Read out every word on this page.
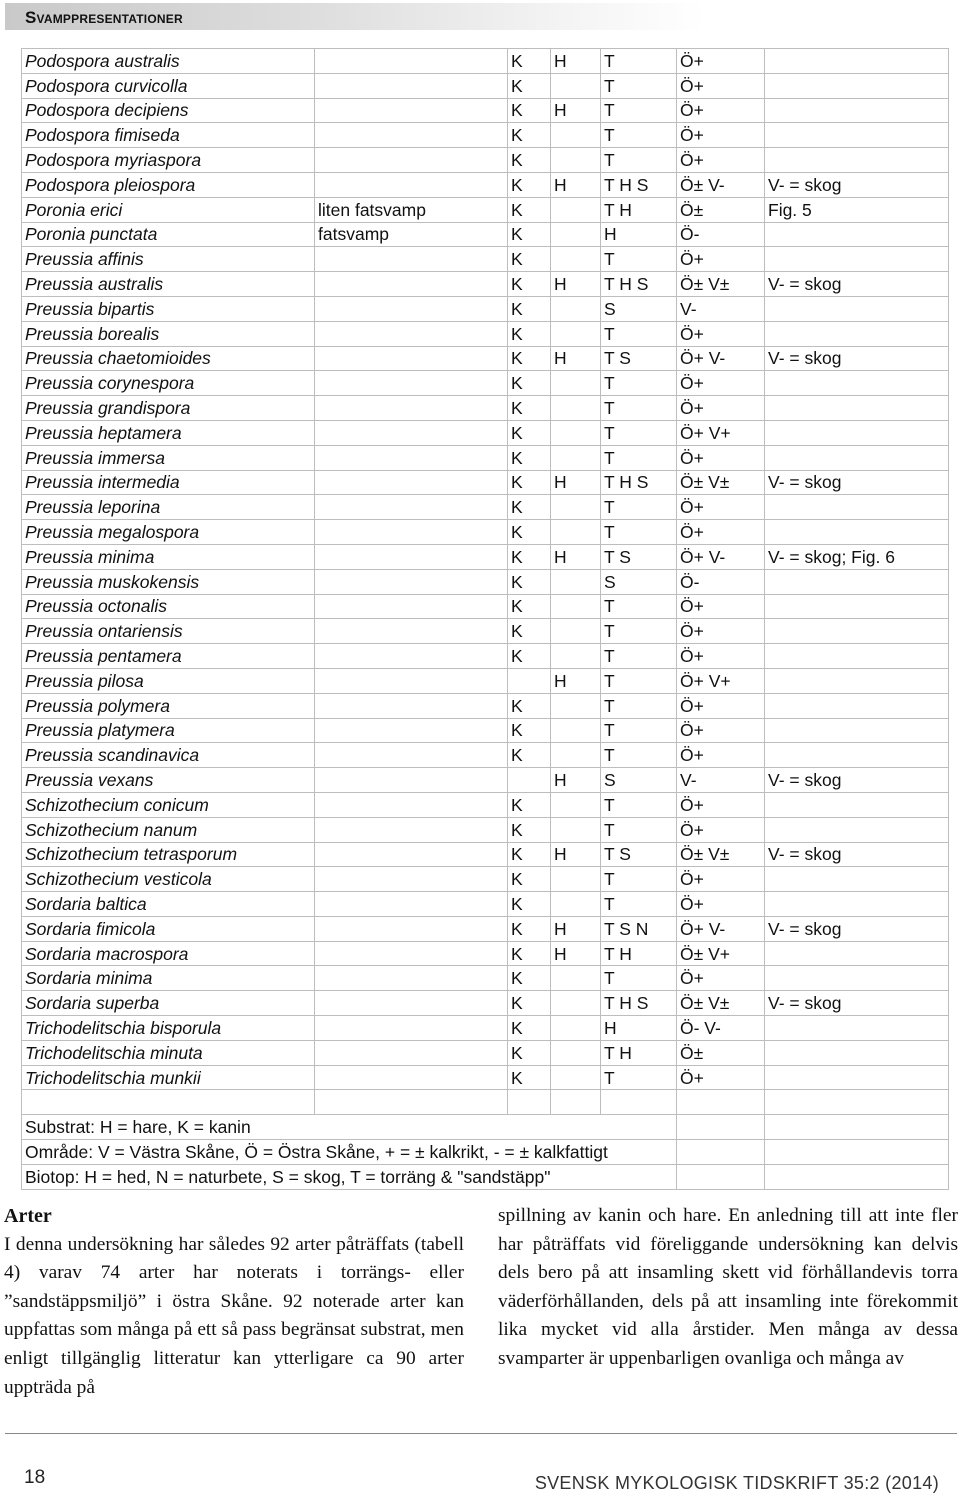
Svamppresentationer
Podospora australis		K	H	T	Ö+	
Podospora curvicolla		K		T	Ö+	
Podospora decipiens		K	H	T	Ö+	
Podospora fimiseda		K		T	Ö+	
Podospora myriaspora		K		T	Ö+	
Podospora pleiospora		K	H	T H S	Ö± V-	V- = skog
Poronia erici	liten fatsvamp	K		T H	Ö±	Fig. 5
Poronia punctata	fatsvamp	K		H	Ö-	
Preussia affinis		K		T	Ö+	
Preussia australis		K	H	T H S	Ö± V±	V- = skog
Preussia bipartis		K		S	V-	
Preussia borealis		K		T	Ö+	
Preussia chaetomioides		K	H	T S	Ö+ V-	V- = skog
Preussia corynespora		K		T	Ö+	
Preussia grandispora		K		T	Ö+	
Preussia heptamera		K		T	Ö+ V+	
Preussia immersa		K		T	Ö+	
Preussia intermedia		K	H	T H S	Ö± V±	V- = skog
Preussia leporina		K		T	Ö+	
Preussia megalospora		K		T	Ö+	
Preussia minima		K	H	T S	Ö+ V-	V- = skog; Fig. 6
Preussia muskokensis		K		S	Ö-	
Preussia octonalis		K		T	Ö+	
Preussia ontariensis		K		T	Ö+	
Preussia pentamera		K		T	Ö+	
Preussia pilosa			H	T	Ö+ V+	
Preussia polymera		K		T	Ö+	
Preussia platymera		K		T	Ö+	
Preussia scandinavica		K		T	Ö+	
Preussia vexans			H	S	V-	V- = skog
Schizothecium conicum		K		T	Ö+	
Schizothecium nanum		K		T	Ö+	
Schizothecium tetrasporum		K	H	T S	Ö± V±	V- = skog
Schizothecium vesticola		K		T	Ö+	
Sordaria baltica		K		T	Ö+	
Sordaria fimicola		K	H	T S N	Ö+ V-	V- = skog
Sordaria macrospora		K	H	T H	Ö± V+	
Sordaria minima		K		T	Ö+	
Sordaria superba		K		T H S	Ö± V±	V- = skog
Trichodelitschia bisporula		K		H	Ö- V-	
Trichodelitschia minuta		K		T H	Ö±	
Trichodelitschia munkii		K		T	Ö+	

Substrat: H = hare, K = kanin						
Område: V = Västra Skåne, Ö = Östra Skåne, + = ± kalkrikt, - = ± kalkfattigt						
Biotop: H = hed, N = naturbete, S = skog, T = torräng & "sandstäpp"						
Arter
I denna undersökning har således 92 arter påträffats (tabell 4) varav 74 arter har noterats i torrängs- eller ”sandstäppsmiljö” i östra Skåne. 92 noterade arter kan uppfattas som många på ett så pass begränsat substrat, men enligt tillgänglig litteratur kan ytterligare ca 90 arter uppträda på
spillning av kanin och hare. En anledning till att inte fler har påträffats vid föreliggande undersökning kan delvis dels bero på att insamling skett vid förhållandevis torra väderförhållanden, dels på att insamling inte förekommit lika mycket vid alla årstider. Men många av dessa svamparter är uppenbarligen ovanliga och många av
18	SVENSK MYKOLOGISK TIDSKRIFT 35:2 (2014)
